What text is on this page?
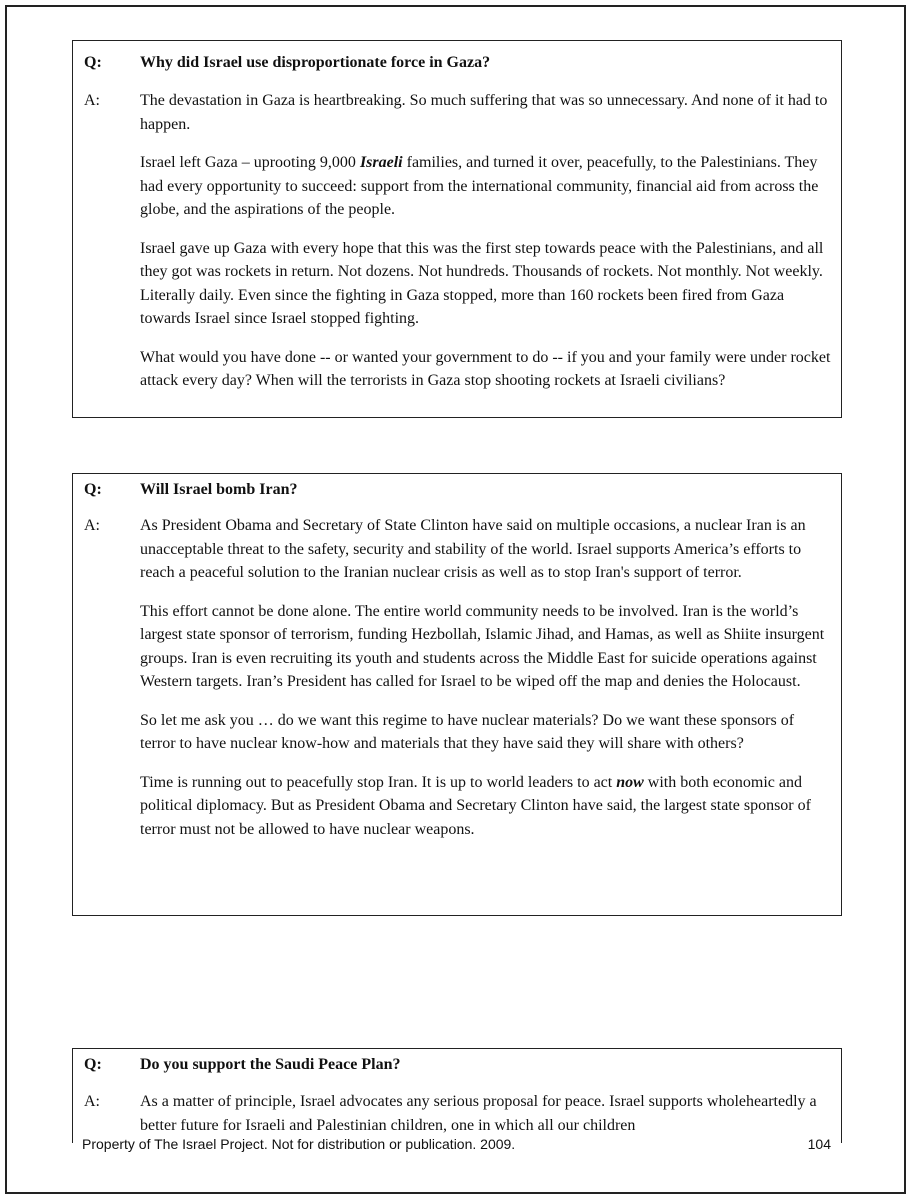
Q: Why did Israel use disproportionate force in Gaza?
A:	The devastation in Gaza is heartbreaking. So much suffering that was so unnecessary. And none of it had to happen.

Israel left Gaza – uprooting 9,000 Israeli families, and turned it over, peacefully, to the Palestinians. They had every opportunity to succeed: support from the international community, financial aid from across the globe, and the aspirations of the people.

Israel gave up Gaza with every hope that this was the first step towards peace with the Palestinians, and all they got was rockets in return. Not dozens. Not hundreds. Thousands of rockets. Not monthly. Not weekly. Literally daily. Even since the fighting in Gaza stopped, more than 160 rockets been fired from Gaza towards Israel since Israel stopped fighting.

What would you have done -- or wanted your government to do -- if you and your family were under rocket attack every day? When will the terrorists in Gaza stop shooting rockets at Israeli civilians?

Q: Will Israel bomb Iran?
A:	As President Obama and Secretary of State Clinton have said on multiple occasions, a nuclear Iran is an unacceptable threat to the safety, security and stability of the world. Israel supports America’s efforts to reach a peaceful solution to the Iranian nuclear crisis as well as to stop Iran's support of terror.

This effort cannot be done alone. The entire world community needs to be involved. Iran is the world’s largest state sponsor of terrorism, funding Hezbollah, Islamic Jihad, and Hamas, as well as Shiite insurgent groups. Iran is even recruiting its youth and students across the Middle East for suicide operations against Western targets. Iran’s President has called for Israel to be wiped off the map and denies the Holocaust.

So let me ask you … do we want this regime to have nuclear materials? Do we want these sponsors of terror to have nuclear know-how and materials that they have said they will share with others?

Time is running out to peacefully stop Iran. It is up to world leaders to act now with both economic and political diplomacy. But as President Obama and Secretary Clinton have said, the largest state sponsor of terror must not be allowed to have nuclear weapons.

Q: Do you support the Saudi Peace Plan?
A:	As a matter of principle, Israel advocates any serious proposal for peace. Israel supports wholeheartedly a better future for Israeli and Palestinian children, one in which all our children

Property of The Israel Project. Not for distribution or publication. 2009.	104
